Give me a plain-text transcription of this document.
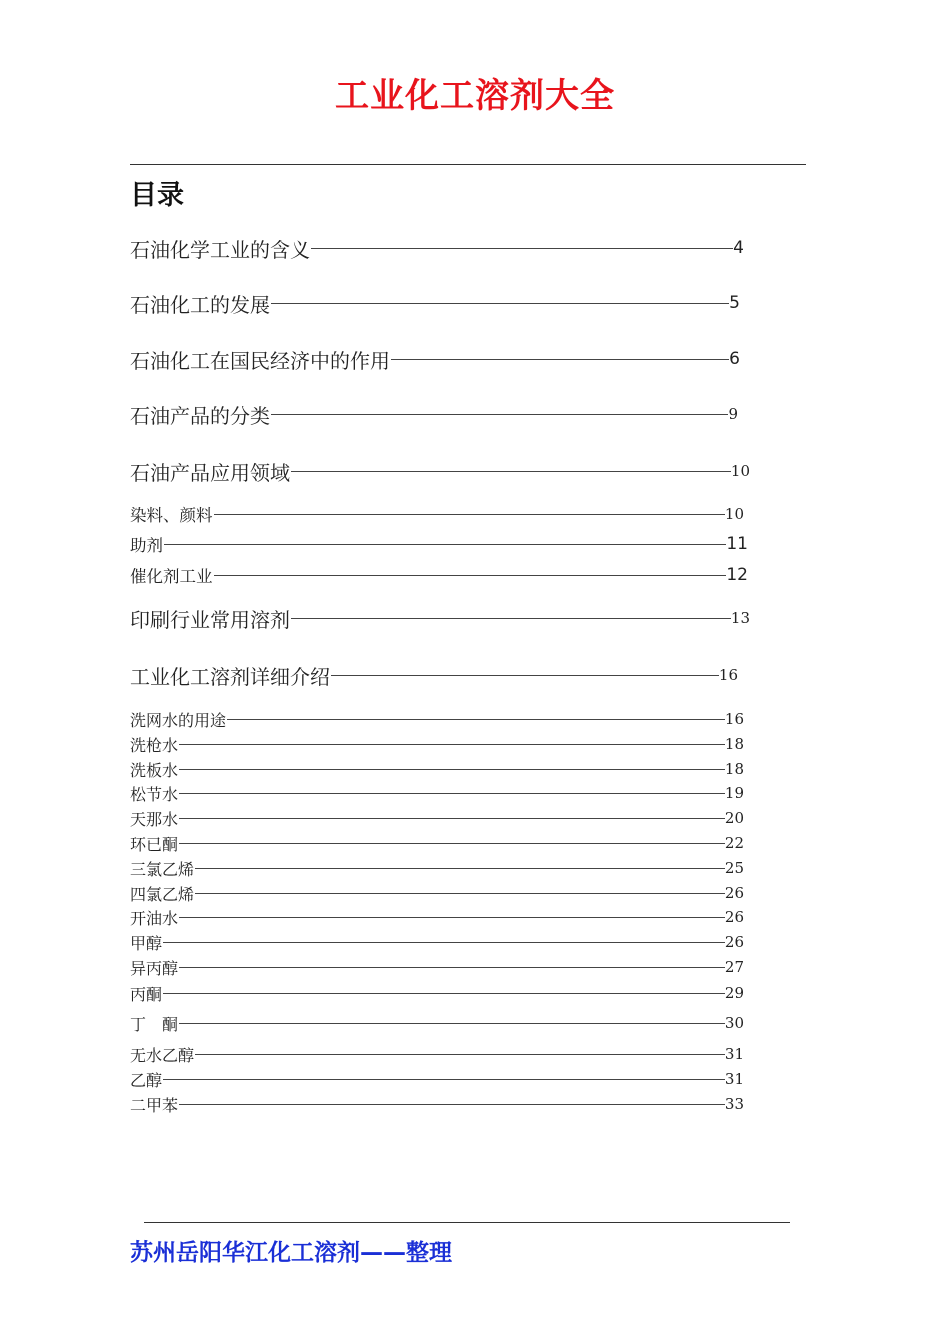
工业化工溶剂大全
目录
石油化学工业的含义	4
石油化工的发展	5
石油化工在国民经济中的作用	6
石油产品的分类	9
石油产品应用领域	10
染料、颜料	10
助剂	11
催化剂工业	12
印刷行业常用溶剂	13
工业化工溶剂详细介绍	16
洗网水的用途	16
洗枪水	18
洗板水	18
松节水	19
天那水	20
环已酮	22
三氯乙烯	25
四氯乙烯	26
开油水	26
甲醇	26
异丙醇	27
丙酮	29
丁　酮	30
无水乙醇	31
乙醇	31
二甲苯	33
苏州岳阳华江化工溶剂——整理
